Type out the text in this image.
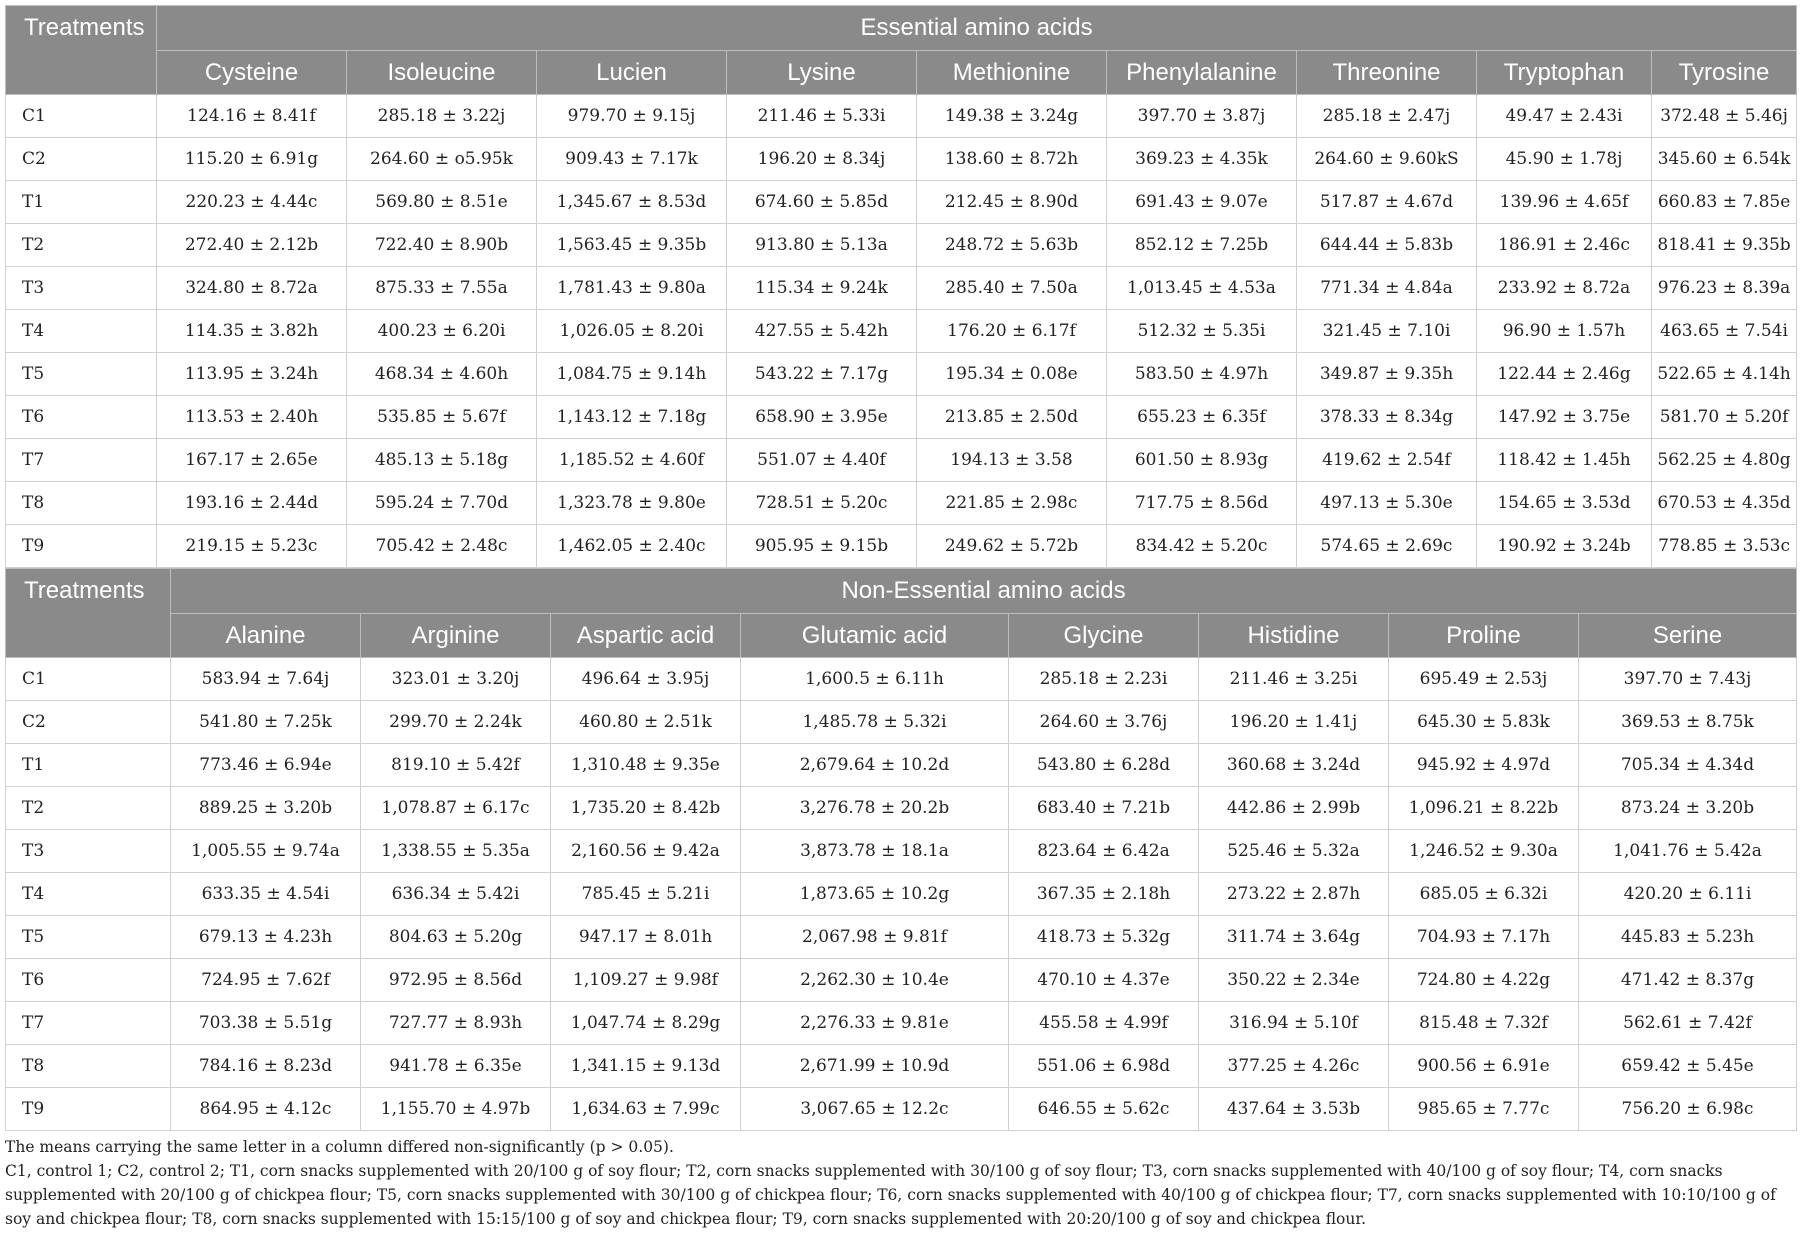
Treatments	Essential amino acids								
	Cysteine	Isoleucine	Lucien	Lysine	Methionine	Phenylalanine	Threonine	Tryptophan	Tyrosine
C1	124.16 ± 8.41f	285.18 ± 3.22j	979.70 ± 9.15j	211.46 ± 5.33i	149.38 ± 3.24g	397.70 ± 3.87j	285.18 ± 2.47j	49.47 ± 2.43i	372.48 ± 5.46j
C2	115.20 ± 6.91g	264.60 ± o5.95k	909.43 ± 7.17k	196.20 ± 8.34j	138.60 ± 8.72h	369.23 ± 4.35k	264.60 ± 9.60kS	45.90 ± 1.78j	345.60 ± 6.54k
T1	220.23 ± 4.44c	569.80 ± 8.51e	1,345.67 ± 8.53d	674.60 ± 5.85d	212.45 ± 8.90d	691.43 ± 9.07e	517.87 ± 4.67d	139.96 ± 4.65f	660.83 ± 7.85e
T2	272.40 ± 2.12b	722.40 ± 8.90b	1,563.45 ± 9.35b	913.80 ± 5.13a	248.72 ± 5.63b	852.12 ± 7.25b	644.44 ± 5.83b	186.91 ± 2.46c	818.41 ± 9.35b
T3	324.80 ± 8.72a	875.33 ± 7.55a	1,781.43 ± 9.80a	115.34 ± 9.24k	285.40 ± 7.50a	1,013.45 ± 4.53a	771.34 ± 4.84a	233.92 ± 8.72a	976.23 ± 8.39a
T4	114.35 ± 3.82h	400.23 ± 6.20i	1,026.05 ± 8.20i	427.55 ± 5.42h	176.20 ± 6.17f	512.32 ± 5.35i	321.45 ± 7.10i	96.90 ± 1.57h	463.65 ± 7.54i
T5	113.95 ± 3.24h	468.34 ± 4.60h	1,084.75 ± 9.14h	543.22 ± 7.17g	195.34 ± 0.08e	583.50 ± 4.97h	349.87 ± 9.35h	122.44 ± 2.46g	522.65 ± 4.14h
T6	113.53 ± 2.40h	535.85 ± 5.67f	1,143.12 ± 7.18g	658.90 ± 3.95e	213.85 ± 2.50d	655.23 ± 6.35f	378.33 ± 8.34g	147.92 ± 3.75e	581.70 ± 5.20f
T7	167.17 ± 2.65e	485.13 ± 5.18g	1,185.52 ± 4.60f	551.07 ± 4.40f	194.13 ± 3.58	601.50 ± 8.93g	419.62 ± 2.54f	118.42 ± 1.45h	562.25 ± 4.80g
T8	193.16 ± 2.44d	595.24 ± 7.70d	1,323.78 ± 9.80e	728.51 ± 5.20c	221.85 ± 2.98c	717.75 ± 8.56d	497.13 ± 5.30e	154.65 ± 3.53d	670.53 ± 4.35d
T9	219.15 ± 5.23c	705.42 ± 2.48c	1,462.05 ± 2.40c	905.95 ± 9.15b	249.62 ± 5.72b	834.42 ± 5.20c	574.65 ± 2.69c	190.92 ± 3.24b	778.85 ± 3.53c
Treatments	Non-Essential amino acids							
	Alanine	Arginine	Aspartic acid	Glutamic acid	Glycine	Histidine	Proline	Serine
C1	583.94 ± 7.64j	323.01 ± 3.20j	496.64 ± 3.95j	1,600.5 ± 6.11h	285.18 ± 2.23i	211.46 ± 3.25i	695.49 ± 2.53j	397.70 ± 7.43j
C2	541.80 ± 7.25k	299.70 ± 2.24k	460.80 ± 2.51k	1,485.78 ± 5.32i	264.60 ± 3.76j	196.20 ± 1.41j	645.30 ± 5.83k	369.53 ± 8.75k
T1	773.46 ± 6.94e	819.10 ± 5.42f	1,310.48 ± 9.35e	2,679.64 ± 10.2d	543.80 ± 6.28d	360.68 ± 3.24d	945.92 ± 4.97d	705.34 ± 4.34d
T2	889.25 ± 3.20b	1,078.87 ± 6.17c	1,735.20 ± 8.42b	3,276.78 ± 20.2b	683.40 ± 7.21b	442.86 ± 2.99b	1,096.21 ± 8.22b	873.24 ± 3.20b
T3	1,005.55 ± 9.74a	1,338.55 ± 5.35a	2,160.56 ± 9.42a	3,873.78 ± 18.1a	823.64 ± 6.42a	525.46 ± 5.32a	1,246.52 ± 9.30a	1,041.76 ± 5.42a
T4	633.35 ± 4.54i	636.34 ± 5.42i	785.45 ± 5.21i	1,873.65 ± 10.2g	367.35 ± 2.18h	273.22 ± 2.87h	685.05 ± 6.32i	420.20 ± 6.11i
T5	679.13 ± 4.23h	804.63 ± 5.20g	947.17 ± 8.01h	2,067.98 ± 9.81f	418.73 ± 5.32g	311.74 ± 3.64g	704.93 ± 7.17h	445.83 ± 5.23h
T6	724.95 ± 7.62f	972.95 ± 8.56d	1,109.27 ± 9.98f	2,262.30 ± 10.4e	470.10 ± 4.37e	350.22 ± 2.34e	724.80 ± 4.22g	471.42 ± 8.37g
T7	703.38 ± 5.51g	727.77 ± 8.93h	1,047.74 ± 8.29g	2,276.33 ± 9.81e	455.58 ± 4.99f	316.94 ± 5.10f	815.48 ± 7.32f	562.61 ± 7.42f
T8	784.16 ± 8.23d	941.78 ± 6.35e	1,341.15 ± 9.13d	2,671.99 ± 10.9d	551.06 ± 6.98d	377.25 ± 4.26c	900.56 ± 6.91e	659.42 ± 5.45e
T9	864.95 ± 4.12c	1,155.70 ± 4.97b	1,634.63 ± 7.99c	3,067.65 ± 12.2c	646.55 ± 5.62c	437.64 ± 3.53b	985.65 ± 7.77c	756.20 ± 6.98c

The means carrying the same letter in a column differed non-significantly (p > 0.05).

C1, control 1; C2, control 2; T1, corn snacks supplemented with 20/100 g of soy flour; T2, corn snacks supplemented with 30/100 g of soy flour; T3, corn snacks supplemented with 40/100 g of soy flour; T4, corn snacks supplemented with 20/100 g of chickpea flour; T5, corn snacks supplemented with 30/100 g of chickpea flour; T6, corn snacks supplemented with 40/100 g of chickpea flour; T7, corn snacks supplemented with 10:10/100 g of soy and chickpea flour; T8, corn snacks supplemented with 15:15/100 g of soy and chickpea flour; T9, corn snacks supplemented with 20:20/100 g of soy and chickpea flour.
